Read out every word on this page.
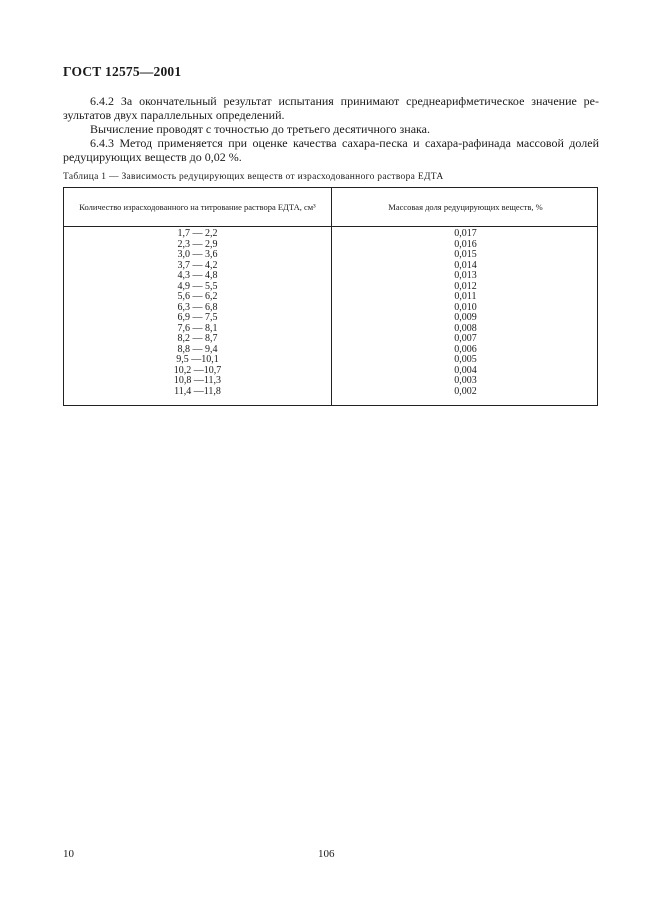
ГОСТ 12575—2001

6.4.2 За окончательный результат испытания принимают среднеарифметическое значение результатов двух параллельных определений.

Вычисление проводят с точностью до третьего десятичного знака.

6.4.3 Метод применяется при оценке качества сахара-песка и сахара-рафинада массовой долей редуцирующих веществ до 0,02 %.

Таблица 1 — Зависимость редуцирующих веществ от израсходованного раствора ЕДТА
Количество израсходованного на титрование раствора ЕДТА, см³	Массовая доля редуцирующих веществ, %
1,7 — 2,2	0,017
2,3 — 2,9	0,016
3,0 — 3,6	0,015
3,7 — 4,2	0,014
4,3 — 4,8	0,013
4,9 — 5,5	0,012
5,6 — 6,2	0,011
6,3 — 6,8	0,010
6,9 — 7,5	0,009
7,6 — 8,1	0,008
8,2 — 8,7	0,007
8,8 — 9,4	0,006
9,5 —10,1	0,005
10,2 —10,7	0,004
10,8 —11,3	0,003
11,4 —11,8	0,002
10	106
